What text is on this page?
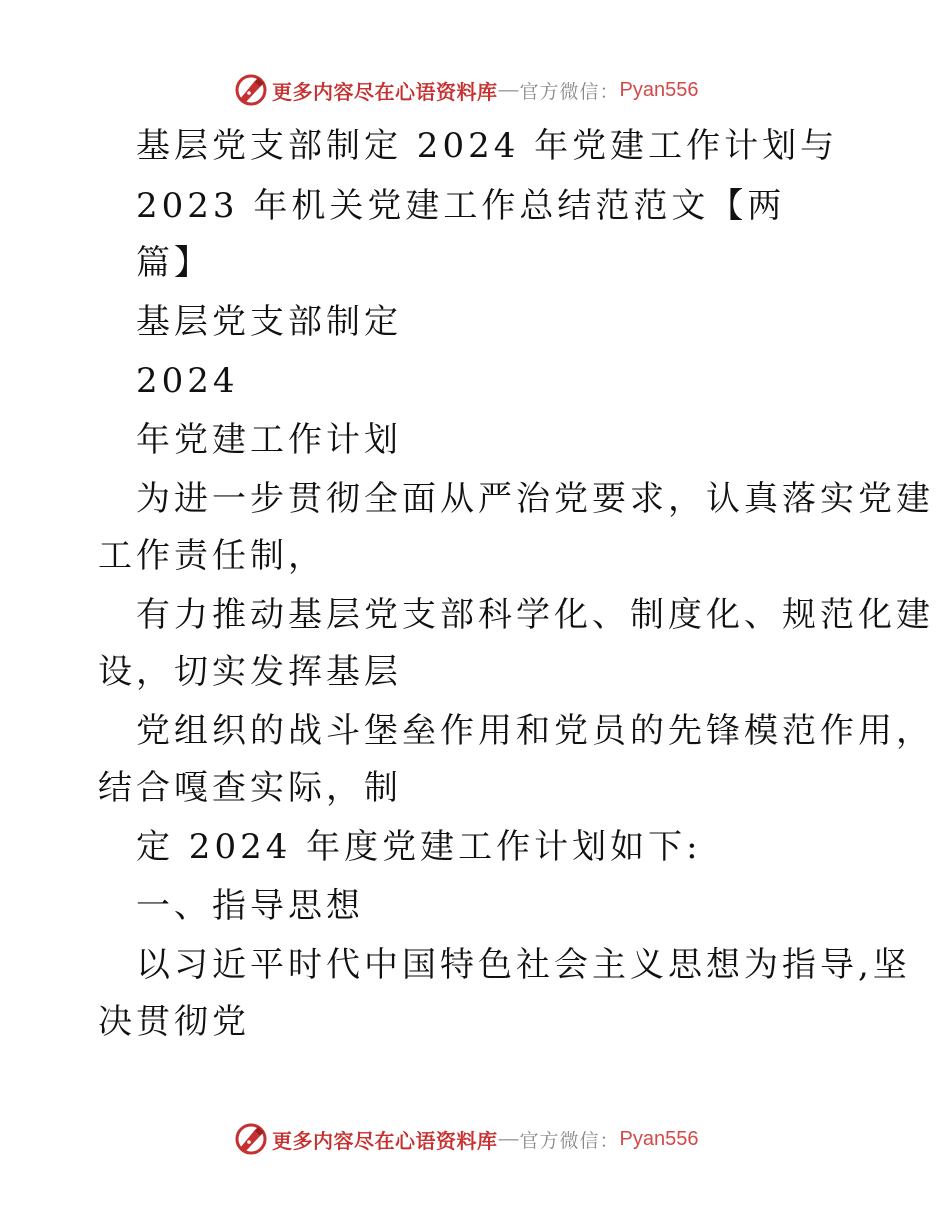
更多内容尽在心语资料库 — 官方微信： Pyan556
基层党支部制定 2024 年党建工作计划与
2023 年机关党建工作总结范范文【两
篇】
基层党支部制定
2024
年党建工作计划
为进一步贯彻全面从严治党要求，认真落实党建
工作责任制，
有力推动基层党支部科学化、制度化、规范化建
设，切实发挥基层
党组织的战斗堡垒作用和党员的先锋模范作用，
结合嘎查实际，制
定 2024 年度党建工作计划如下:
一、指导思想
以习近平时代中国特色社会主义思想为指导,坚
决贯彻党
更多内容尽在心语资料库 — 官方微信： Pyan556
